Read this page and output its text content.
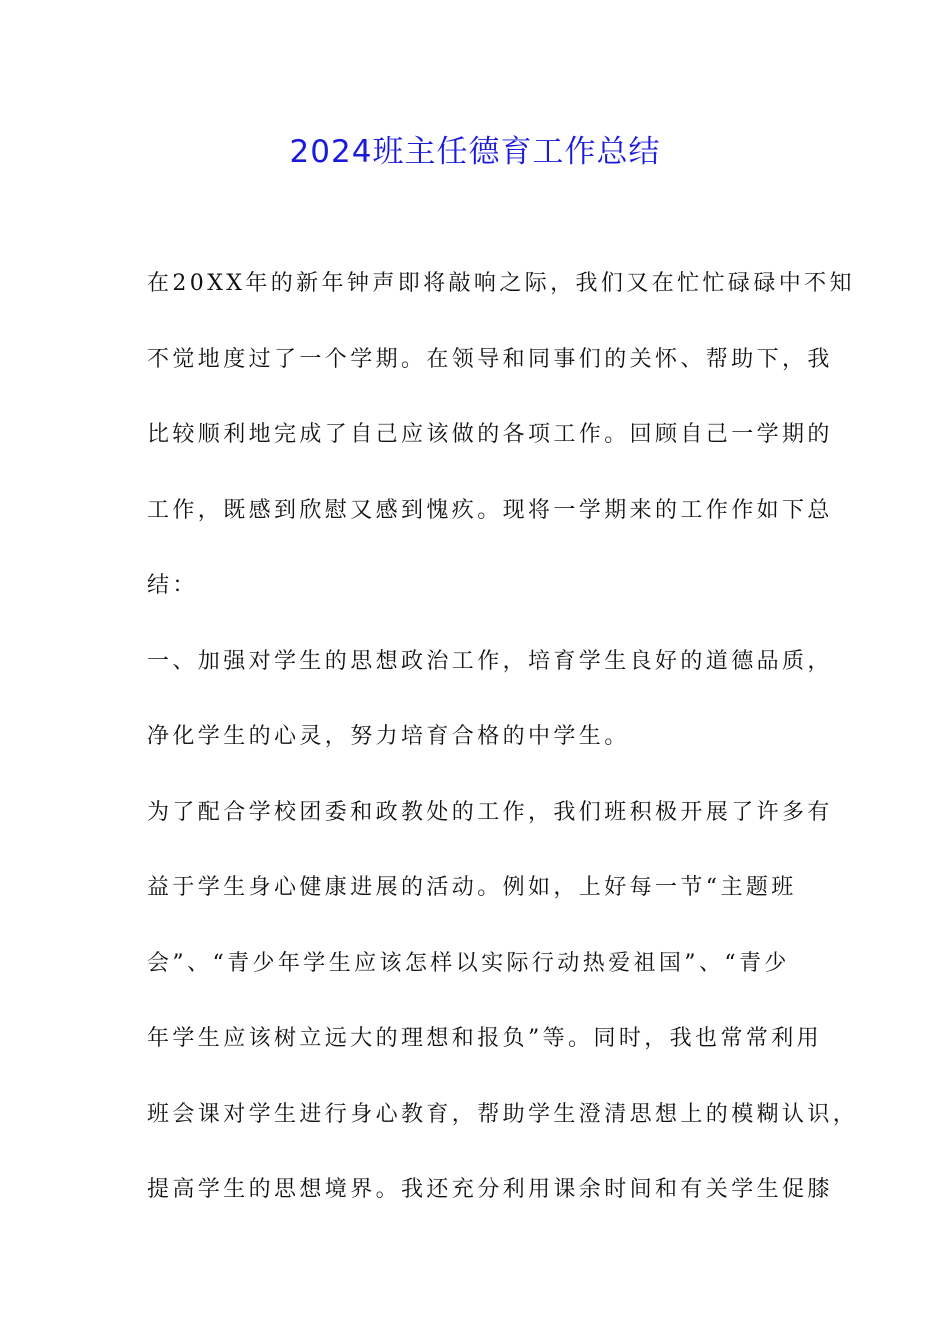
2024班主任德育工作总结
在20XX年的新年钟声即将敲响之际，我们又在忙忙碌碌中不知
不觉地度过了一个学期。在领导和同事们的关怀、帮助下，我
比较顺利地完成了自己应该做的各项工作。回顾自己一学期的
工作，既感到欣慰又感到愧疚。现将一学期来的工作作如下总
结：
一、加强对学生的思想政治工作，培育学生良好的道德品质，
净化学生的心灵，努力培育合格的中学生。
为了配合学校团委和政教处的工作，我们班积极开展了许多有
益于学生身心健康进展的活动。例如，上好每一节“主题班
会”、“青少年学生应该怎样以实际行动热爱祖国”、“青少
年学生应该树立远大的理想和报负”等。同时，我也常常利用
班会课对学生进行身心教育，帮助学生澄清思想上的模糊认识，
提高学生的思想境界。我还充分利用课余时间和有关学生促膝
